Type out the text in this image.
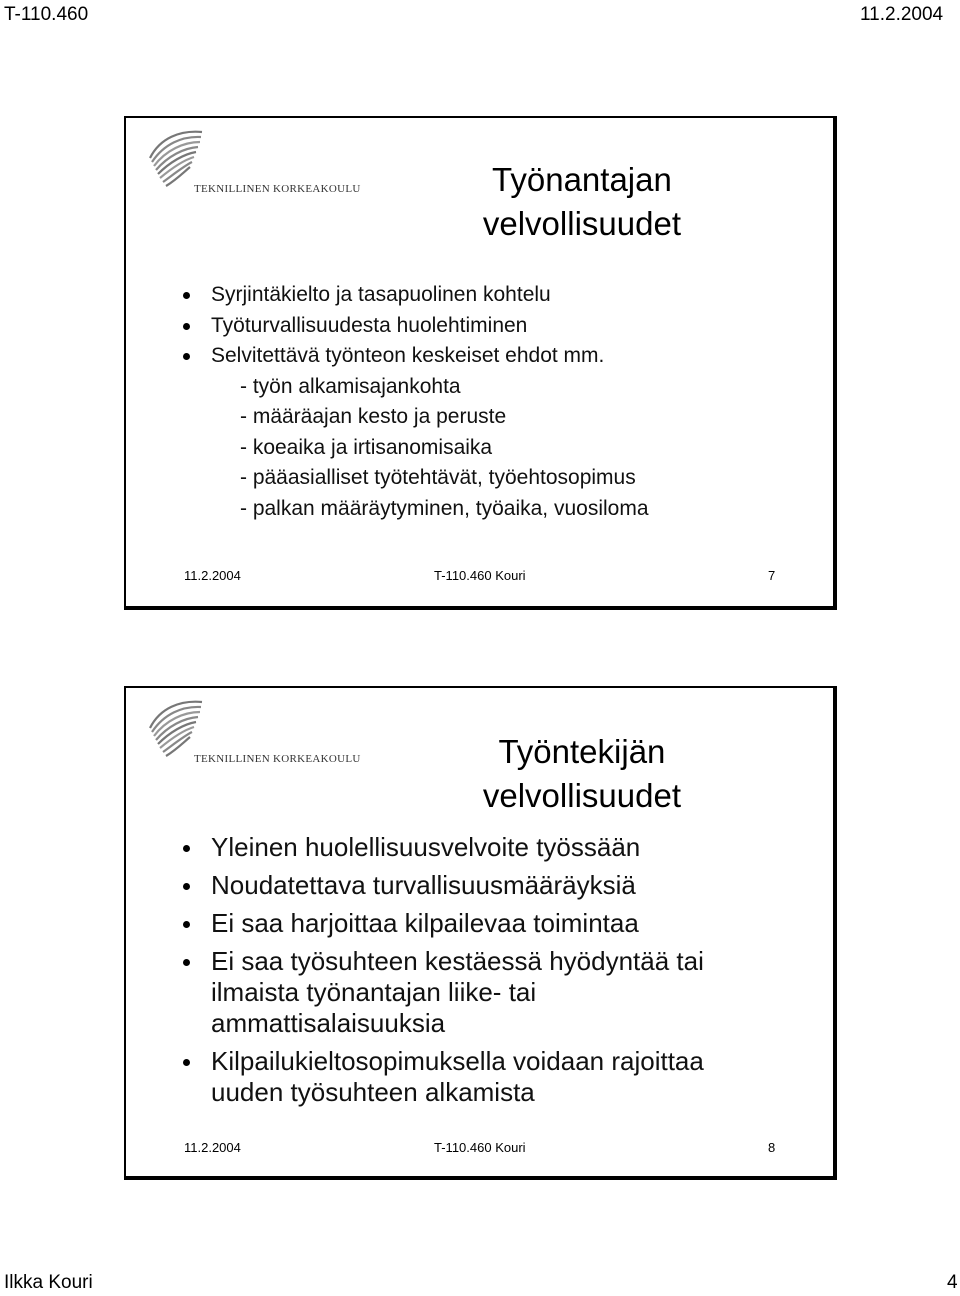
T-110.460	11.2.2004
TEKNILLINEN KORKEAKOULU	Työnantajan
velvollisuudet
Syrjintäkielto ja tasapuolinen kohtelu
Työturvallisuudesta huolehtiminen
Selvitettävä työnteon keskeiset ehdot mm.
- työn alkamisajankohta
- määräajan kesto ja peruste
- koeaika ja irtisanomisaika
- pääasialliset työtehtävät, työehtosopimus
- palkan määräytyminen, työaika, vuosiloma
11.2.2004	T-110.460 Kouri	7
TEKNILLINEN KORKEAKOULU	Työntekijän
velvollisuudet
Yleinen huolellisuusvelvoite työssään
Noudatettava turvallisuusmääräyksiä
Ei saa harjoittaa kilpailevaa toimintaa
Ei saa työsuhteen kestäessä hyödyntää tai
ilmaista työnantajan liike- tai
ammattisalaisuuksia
Kilpailukieltosopimuksella voidaan rajoittaa
uuden työsuhteen alkamista
11.2.2004	T-110.460 Kouri	8
Ilkka Kouri	4
